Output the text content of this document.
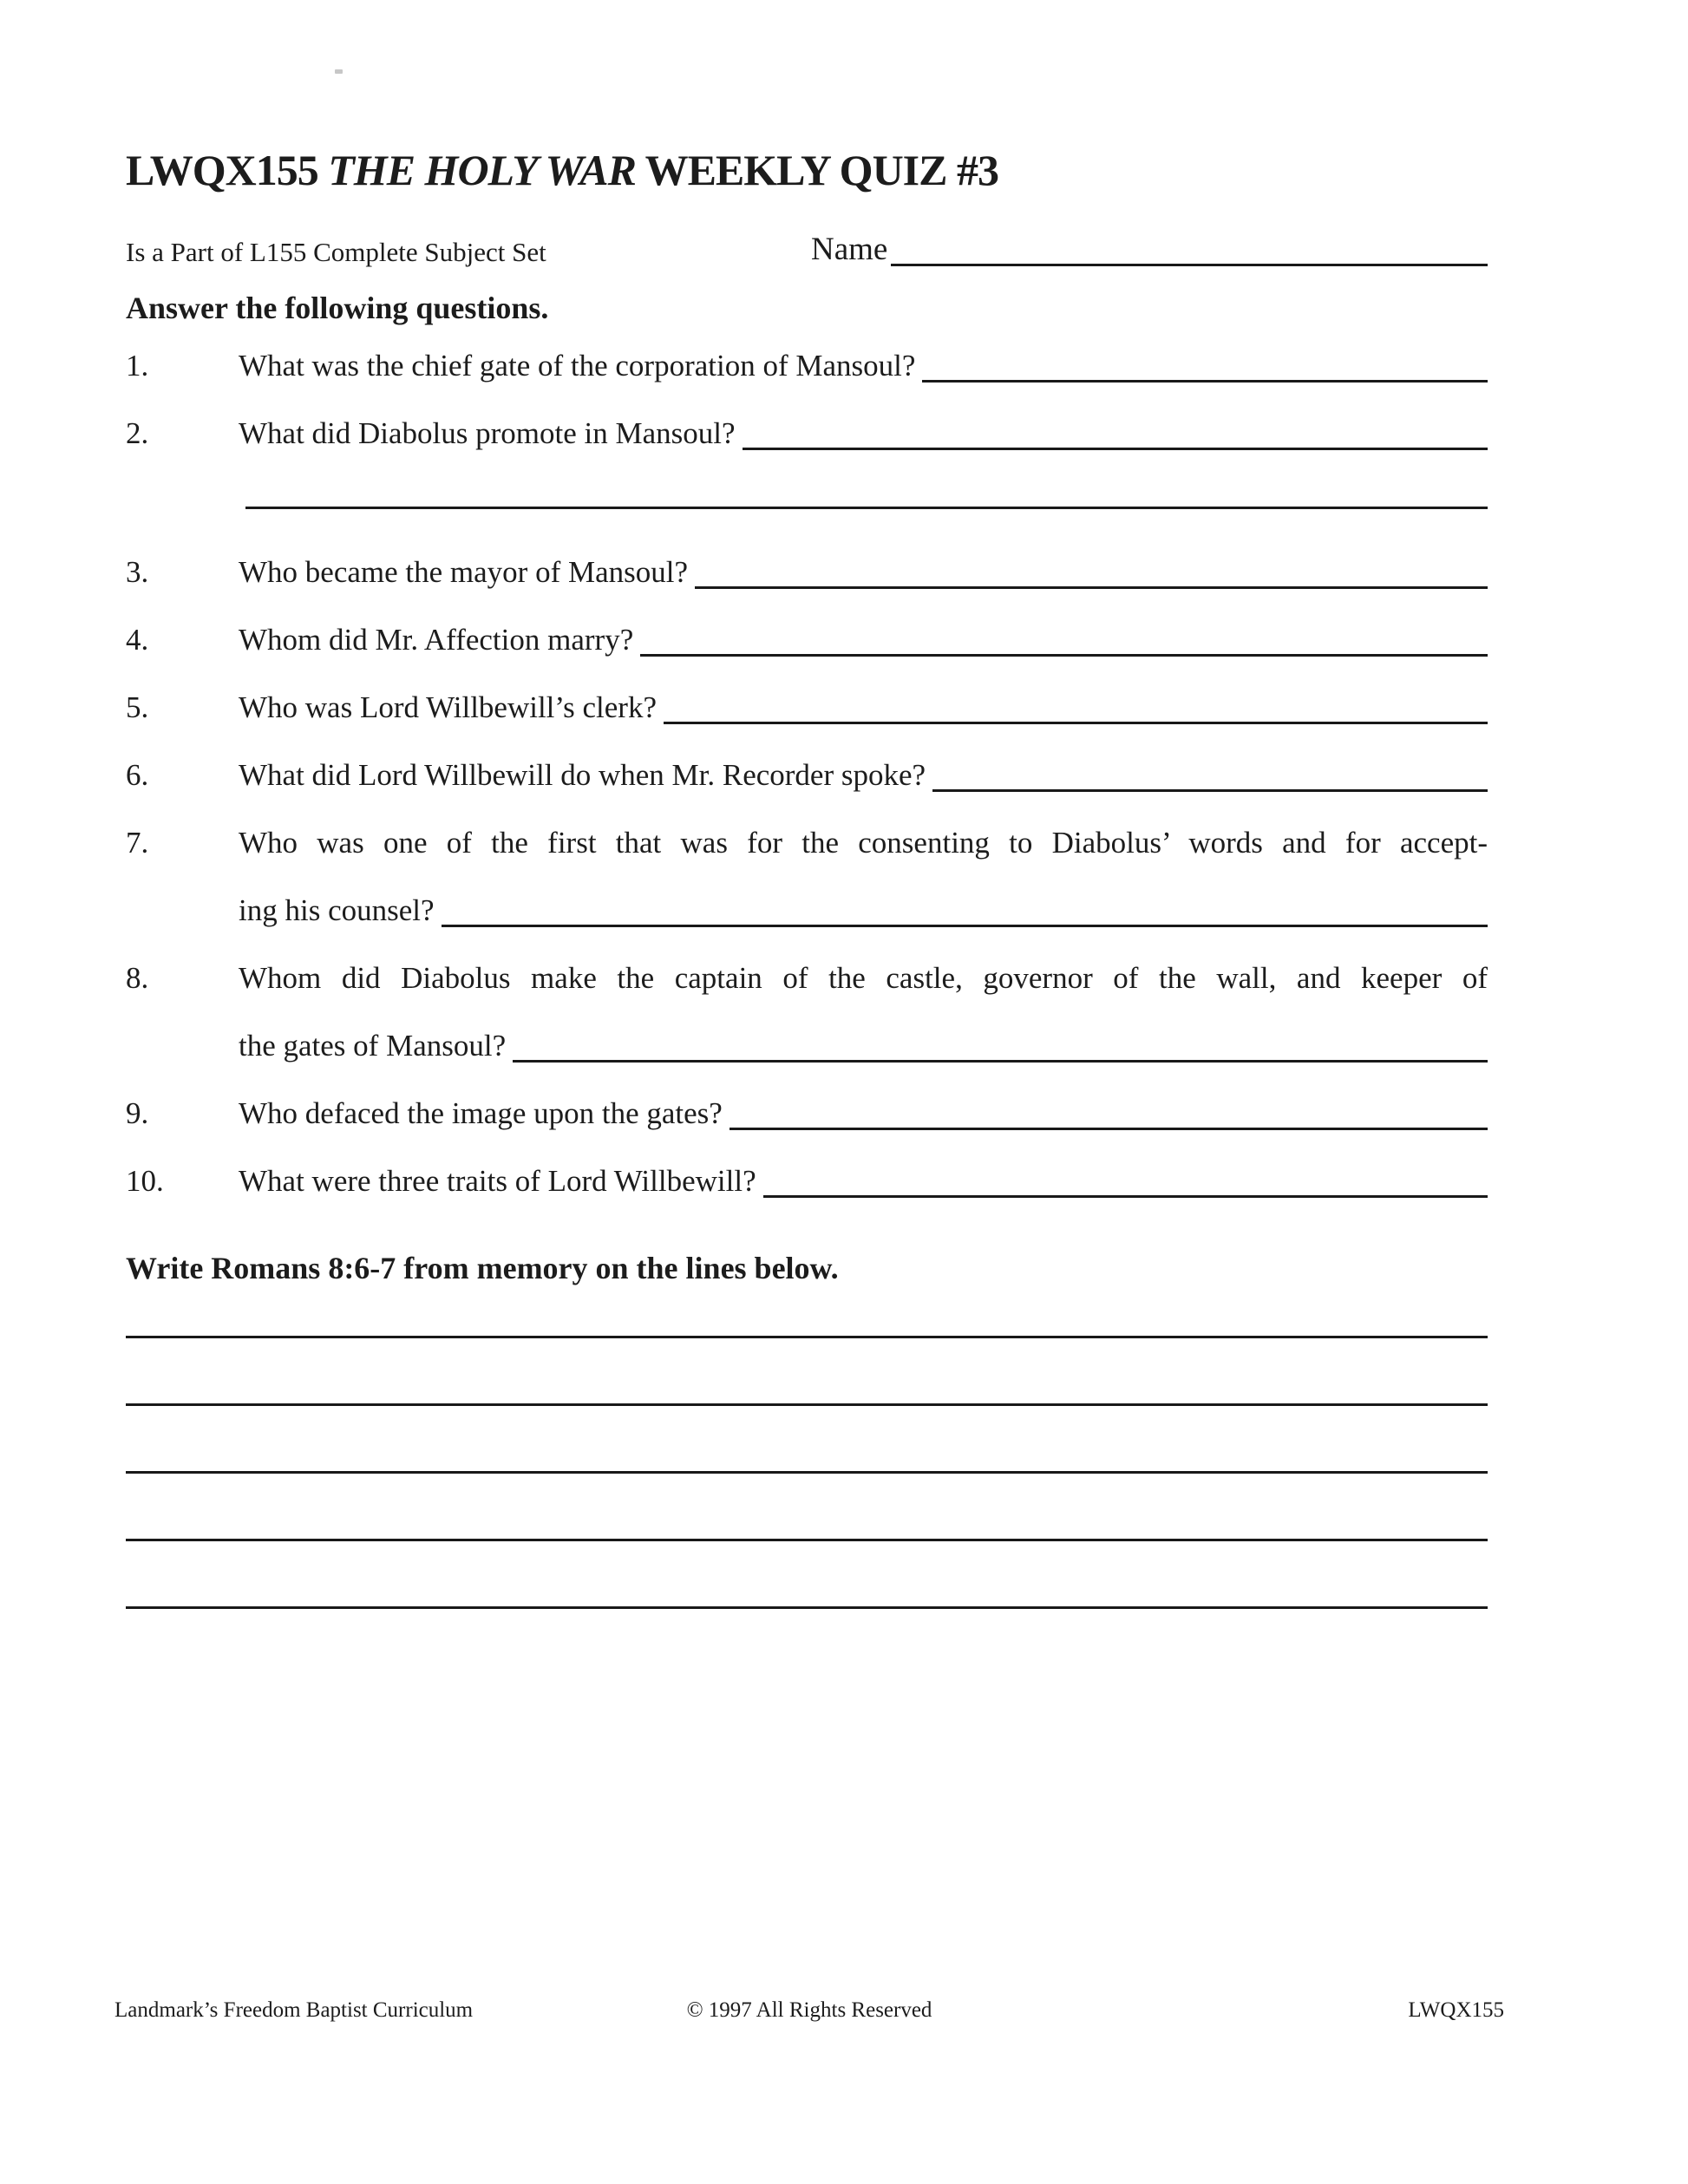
LWQX155 THE HOLY WAR WEEKLY QUIZ #3
Is a Part of L155 Complete Subject Set	Name
Answer the following questions.
1.	What was the chief gate of the corporation of Mansoul?
2.	What did Diabolus promote in Mansoul?
3.	Who became the mayor of Mansoul?
4.	Whom did Mr. Affection marry?
5.	Who was Lord Willbewill’s clerk?
6.	What did Lord Willbewill do when Mr. Recorder spoke?
7.	Who was one of the first that was for the consenting to Diabolus’ words and for accept-
ing his counsel?
8.	Whom did Diabolus make the captain of the castle, governor of the wall, and keeper of
the gates of Mansoul?
9.	Who defaced the image upon the gates?
10.	What were three traits of Lord Willbewill?
Write Romans 8:6-7 from memory on the lines below.
Landmark’s Freedom Baptist Curriculum	© 1997 All Rights Reserved	LWQX155
